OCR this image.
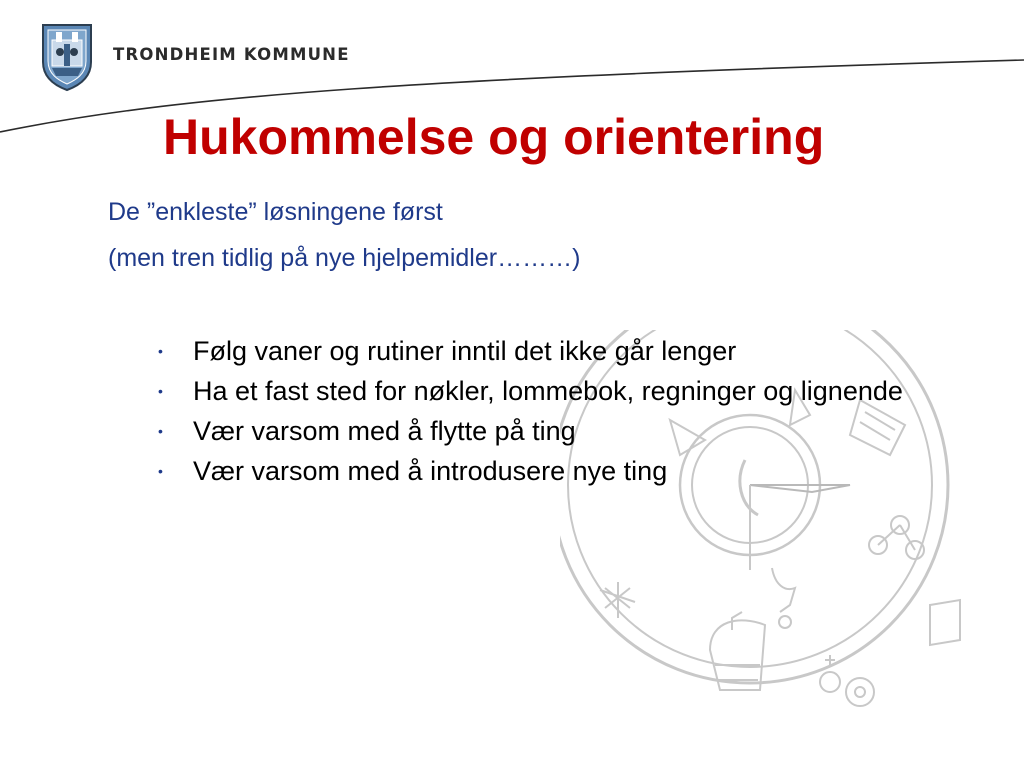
TRONDHEIM KOMMUNE
Hukommelse og orientering

De ”enkleste” løsningene først

(men tren tidlig på nye hjelpemidler………)

• Følg vaner og rutiner inntil det ikke går lenger
• Ha et fast sted for nøkler, lommebok, regninger og lignende
• Vær varsom med å flytte på ting
• Vær varsom med å introdusere nye ting
